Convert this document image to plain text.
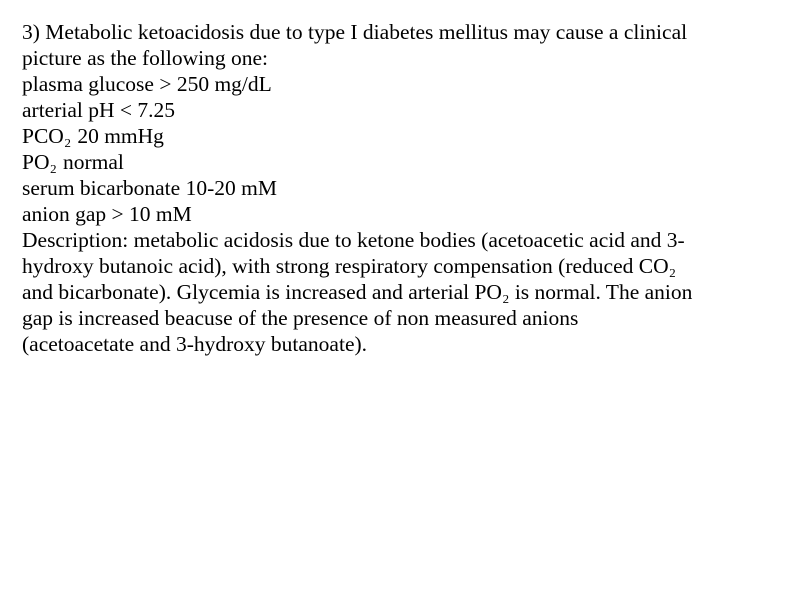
3) Metabolic ketoacidosis due to type I diabetes mellitus may cause a clinical
picture as the following one:
plasma glucose > 250 mg/dL
arterial pH < 7.25
PCO₂ 20 mmHg
PO₂ normal
serum bicarbonate 10-20 mM
anion gap > 10 mM
Description: metabolic acidosis due to ketone bodies (acetoacetic acid and 3-
hydroxy butanoic acid), with strong respiratory compensation (reduced CO₂
and bicarbonate). Glycemia is increased and arterial PO₂ is normal. The anion
gap is increased beacuse of the presence of non measured anions
(acetoacetate and 3-hydroxy butanoate).
